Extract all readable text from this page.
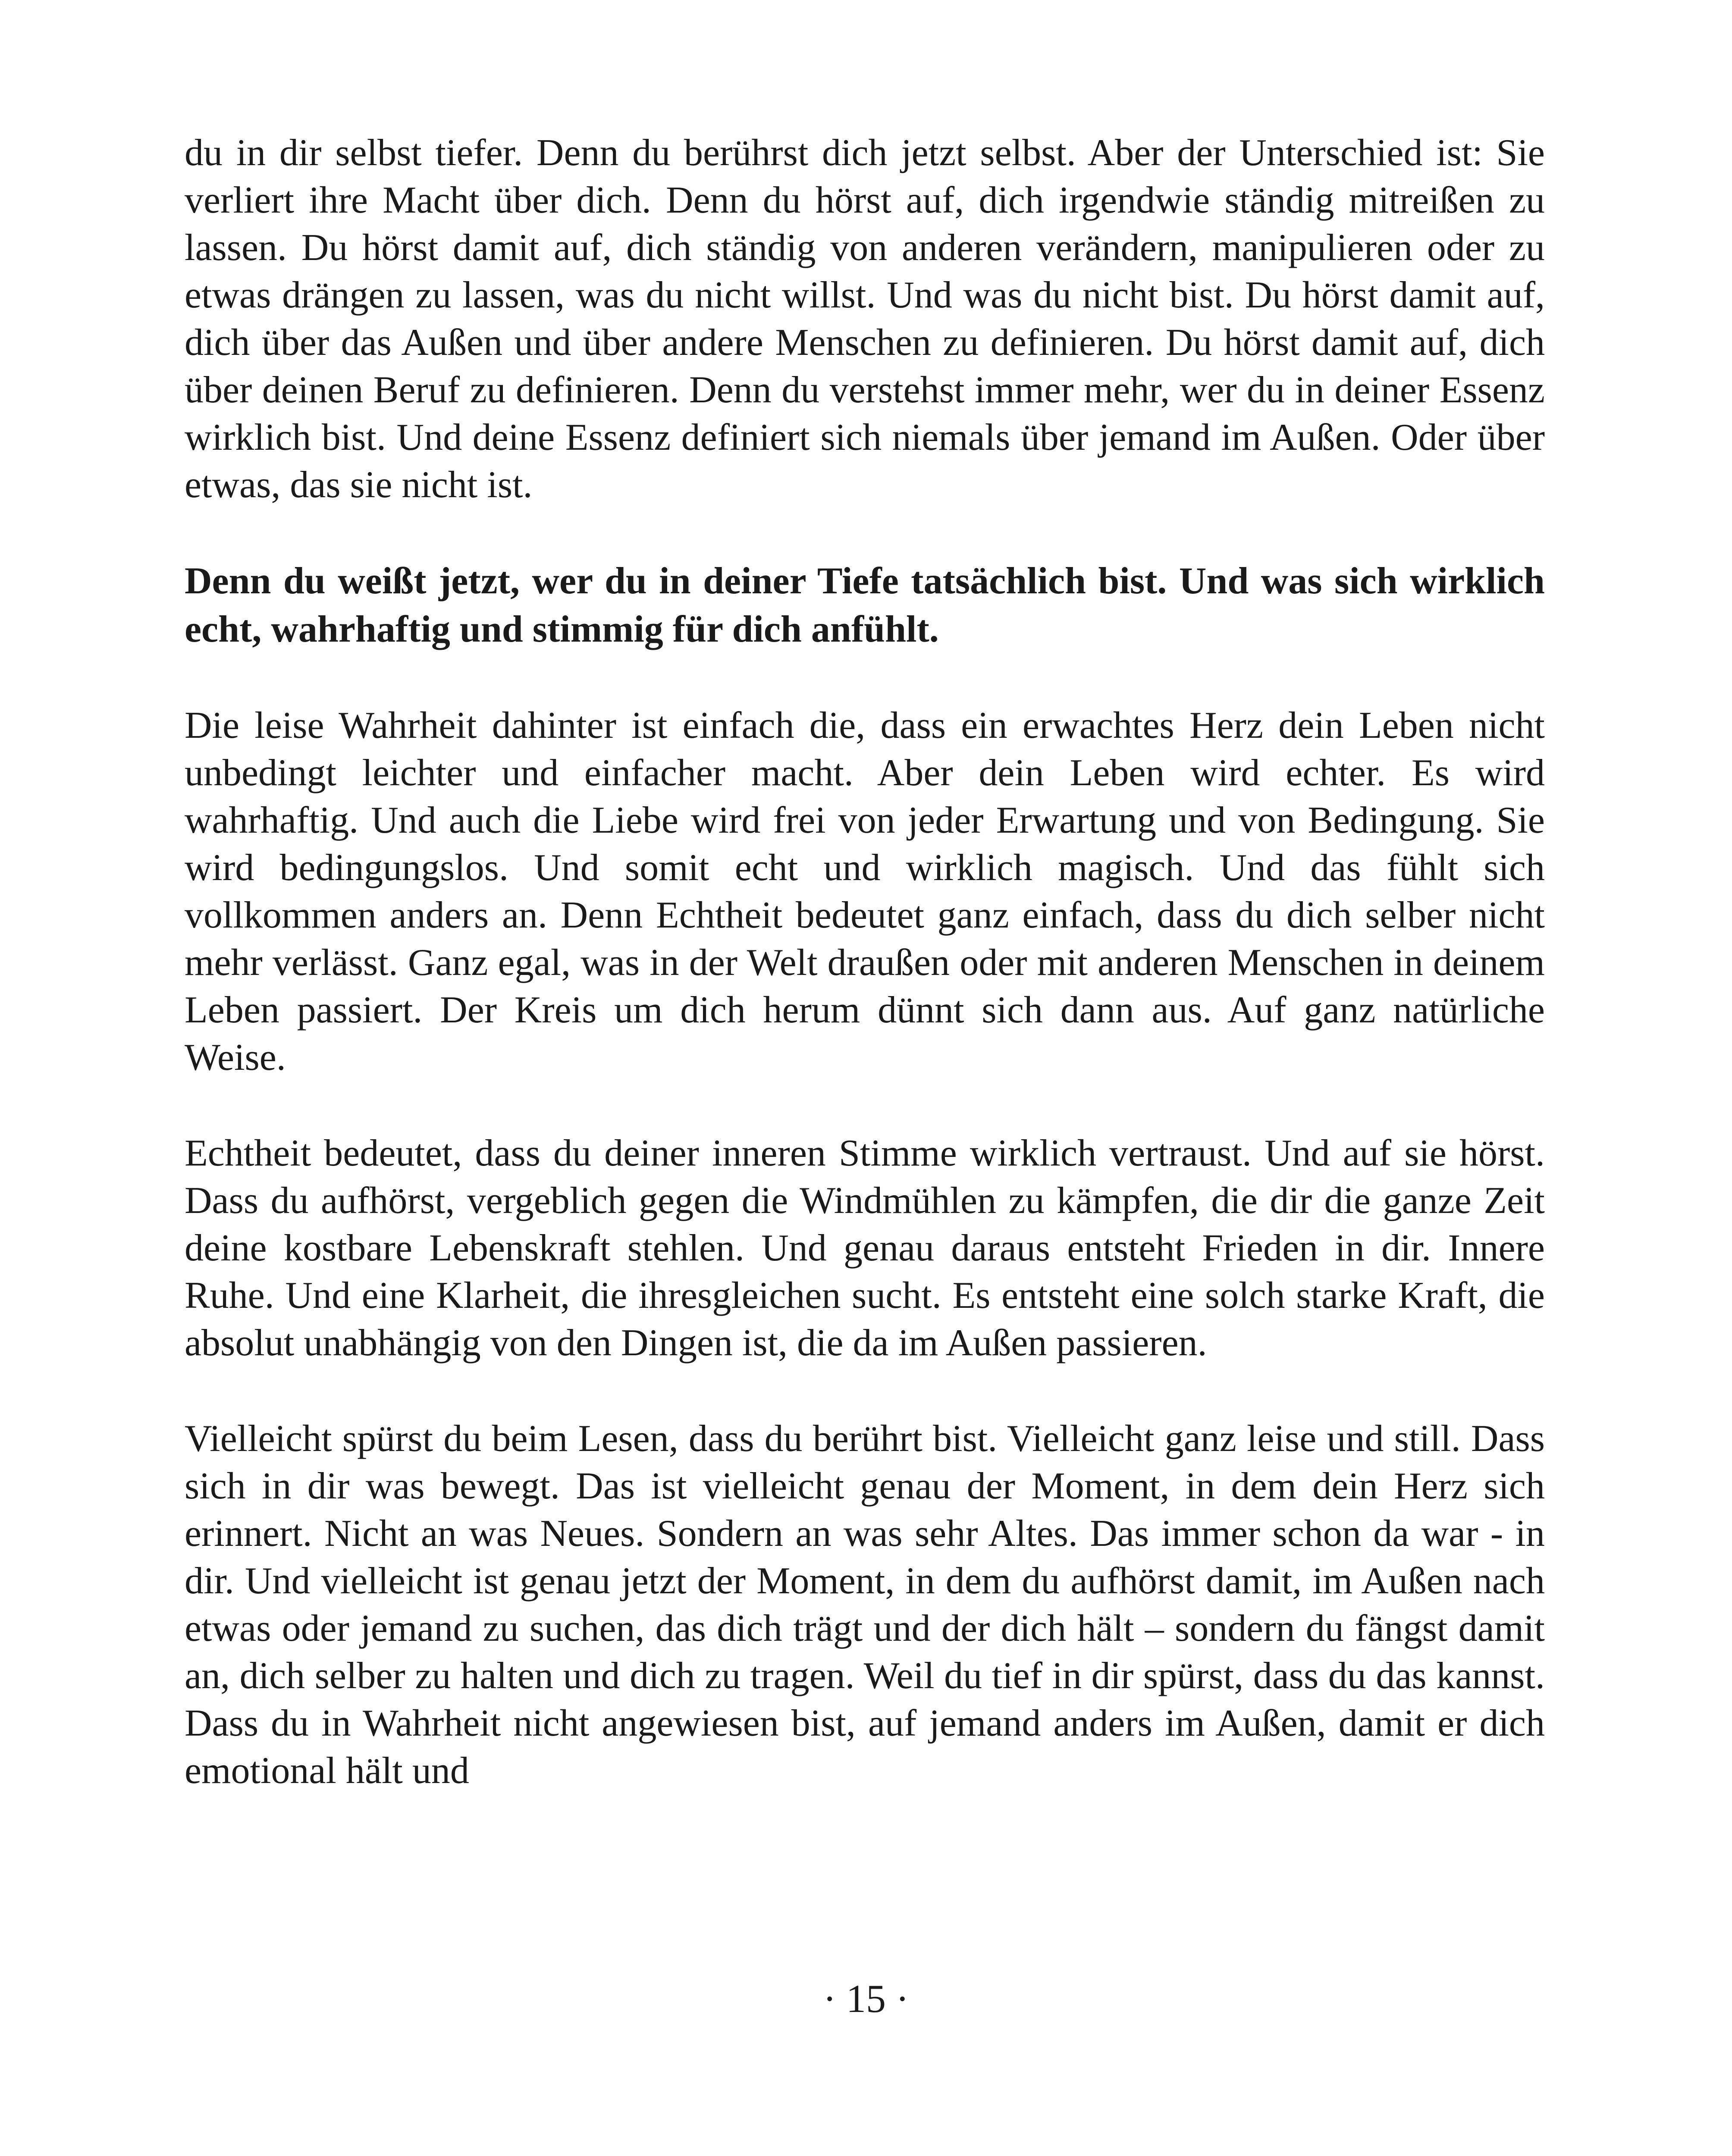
du in dir selbst tiefer. Denn du berührst dich jetzt selbst. Aber der Unterschied ist: Sie verliert ihre Macht über dich. Denn du hörst auf, dich irgendwie ständig mitreißen zu lassen. Du hörst damit auf, dich ständig von anderen verändern, manipulieren oder zu etwas drängen zu lassen, was du nicht willst. Und was du nicht bist. Du hörst damit auf, dich über das Außen und über andere Menschen zu definieren. Du hörst damit auf, dich über deinen Beruf zu definieren. Denn du verstehst immer mehr, wer du in deiner Essenz wirklich bist. Und deine Essenz definiert sich niemals über jemand im Außen. Oder über etwas, das sie nicht ist.

Denn du weißt jetzt, wer du in deiner Tiefe tatsächlich bist. Und was sich wirklich echt, wahrhaftig und stimmig für dich anfühlt.

Die leise Wahrheit dahinter ist einfach die, dass ein erwachtes Herz dein Leben nicht unbedingt leichter und einfacher macht. Aber dein Leben wird echter. Es wird wahrhaftig. Und auch die Liebe wird frei von jeder Erwartung und von Bedingung. Sie wird bedingungslos. Und somit echt und wirklich magisch. Und das fühlt sich vollkommen anders an. Denn Echtheit bedeutet ganz einfach, dass du dich selber nicht mehr verlässt. Ganz egal, was in der Welt draußen oder mit anderen Menschen in deinem Leben passiert. Der Kreis um dich herum dünnt sich dann aus. Auf ganz natürliche Weise.

Echtheit bedeutet, dass du deiner inneren Stimme wirklich vertraust. Und auf sie hörst. Dass du aufhörst, vergeblich gegen die Windmühlen zu kämpfen, die dir die ganze Zeit deine kostbare Lebenskraft stehlen. Und genau daraus entsteht Frieden in dir. Innere Ruhe. Und eine Klarheit, die ihresgleichen sucht. Es entsteht eine solch starke Kraft, die absolut unabhängig von den Dingen ist, die da im Außen passieren.

Vielleicht spürst du beim Lesen, dass du berührt bist. Vielleicht ganz leise und still. Dass sich in dir was bewegt. Das ist vielleicht genau der Moment, in dem dein Herz sich erinnert. Nicht an was Neues. Sondern an was sehr Altes. Das immer schon da war - in dir. Und vielleicht ist genau jetzt der Moment, in dem du aufhörst damit, im Außen nach etwas oder jemand zu suchen, das dich trägt und der dich hält – sondern du fängst damit an, dich selber zu halten und dich zu tragen. Weil du tief in dir spürst, dass du das kannst. Dass du in Wahrheit nicht angewiesen bist, auf jemand anders im Außen, damit er dich emotional hält und

· 15 ·
